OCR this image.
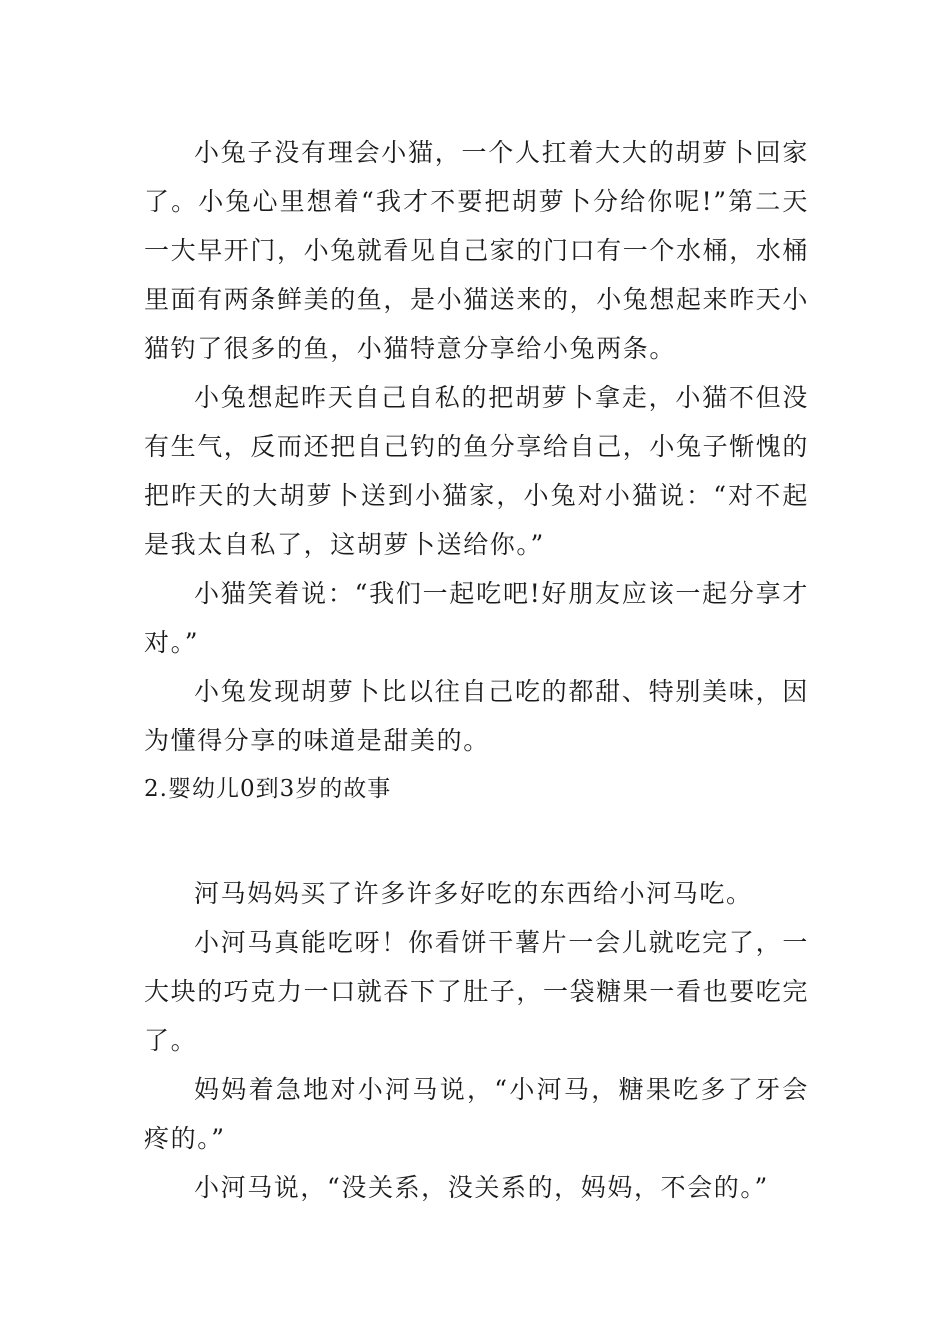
小兔子没有理会小猫，一个人扛着大大的胡萝卜回家了。小兔心里想着“我才不要把胡萝卜分给你呢!”第二天一大早开门，小兔就看见自己家的门口有一个水桶，水桶里面有两条鲜美的鱼，是小猫送来的，小兔想起来昨天小猫钓了很多的鱼，小猫特意分享给小兔两条。

小兔想起昨天自己自私的把胡萝卜拿走，小猫不但没有生气，反而还把自己钓的鱼分享给自己，小兔子惭愧的把昨天的大胡萝卜送到小猫家，小兔对小猫说：“对不起是我太自私了，这胡萝卜送给你。”

小猫笑着说：“我们一起吃吧!好朋友应该一起分享才对。”

小兔发现胡萝卜比以往自己吃的都甜、特别美味，因为懂得分享的味道是甜美的。

2.婴幼儿0到3岁的故事

河马妈妈买了许多许多好吃的东西给小河马吃。

小河马真能吃呀！你看饼干薯片一会儿就吃完了，一大块的巧克力一口就吞下了肚子，一袋糖果一看也要吃完了。

妈妈着急地对小河马说，“小河马，糖果吃多了牙会疼的。”

小河马说，“没关系，没关系的，妈妈，不会的。”
